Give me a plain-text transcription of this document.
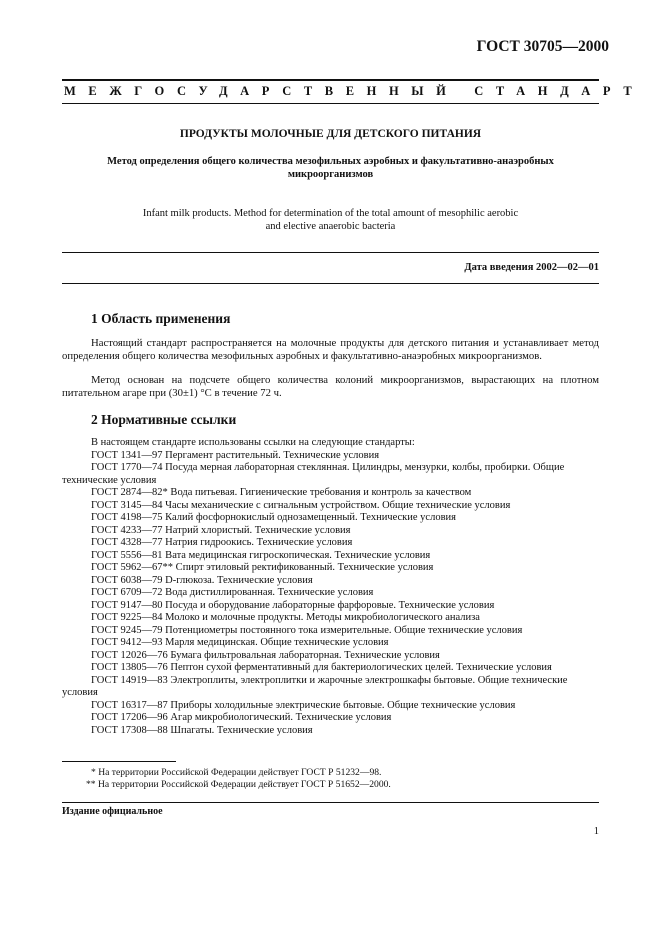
ГОСТ 30705—2000
МЕЖГОСУДАРСТВЕННЫЙ СТАНДАРТ
ПРОДУКТЫ МОЛОЧНЫЕ ДЛЯ ДЕТСКОГО ПИТАНИЯ
Метод определения общего количества мезофильных аэробных и факультативно-анаэробных
микроорганизмов
Infant milk products. Method for determination of the total amount of mesophilic aerobic
and elective anaerobic bacteria
Дата введения 2002—02—01
1 Область применения
Настоящий стандарт распространяется на молочные продукты для детского питания и устанавливает метод определения общего количества мезофильных аэробных и факультативно-анаэробных микроорганизмов.
Метод основан на подсчете общего количества колоний микроорганизмов, вырастающих на плотном питательном агаре при (30±1) °С в течение 72 ч.
2 Нормативные ссылки
В настоящем стандарте использованы ссылки на следующие стандарты:
ГОСТ 1341—97 Пергамент растительный. Технические условия
ГОСТ 1770—74 Посуда мерная лабораторная стеклянная. Цилиндры, мензурки, колбы, пробирки. Общие технические условия
ГОСТ 2874—82* Вода питьевая. Гигиенические требования и контроль за качеством
ГОСТ 3145—84 Часы механические с сигнальным устройством. Общие технические условия
ГОСТ 4198—75 Калий фосфорнокислый однозамещенный. Технические условия
ГОСТ 4233—77 Натрий хлористый. Технические условия
ГОСТ 4328—77 Натрия гидроокись. Технические условия
ГОСТ 5556—81 Вата медицинская гигроскопическая. Технические условия
ГОСТ 5962—67** Спирт этиловый ректификованный. Технические условия
ГОСТ 6038—79 D-глюкоза. Технические условия
ГОСТ 6709—72 Вода дистиллированная. Технические условия
ГОСТ 9147—80 Посуда и оборудование лабораторные фарфоровые. Технические условия
ГОСТ 9225—84 Молоко и молочные продукты. Методы микробиологического анализа
ГОСТ 9245—79 Потенциометры постоянного тока измерительные. Общие технические условия
ГОСТ 9412—93 Марля медицинская. Общие технические условия
ГОСТ 12026—76 Бумага фильтровальная лабораторная. Технические условия
ГОСТ 13805—76 Пептон сухой ферментативный для бактериологических целей. Технические условия
ГОСТ 14919—83 Электроплиты, электроплитки и жарочные электрошкафы бытовые. Общие технические условия
ГОСТ 16317—87 Приборы холодильные электрические бытовые. Общие технические условия
ГОСТ 17206—96 Агар микробиологический. Технические условия
ГОСТ 17308—88 Шпагаты. Технические условия
* На территории Российской Федерации действует ГОСТ Р 51232—98.
** На территории Российской Федерации действует ГОСТ Р 51652—2000.
Издание официальное
1
